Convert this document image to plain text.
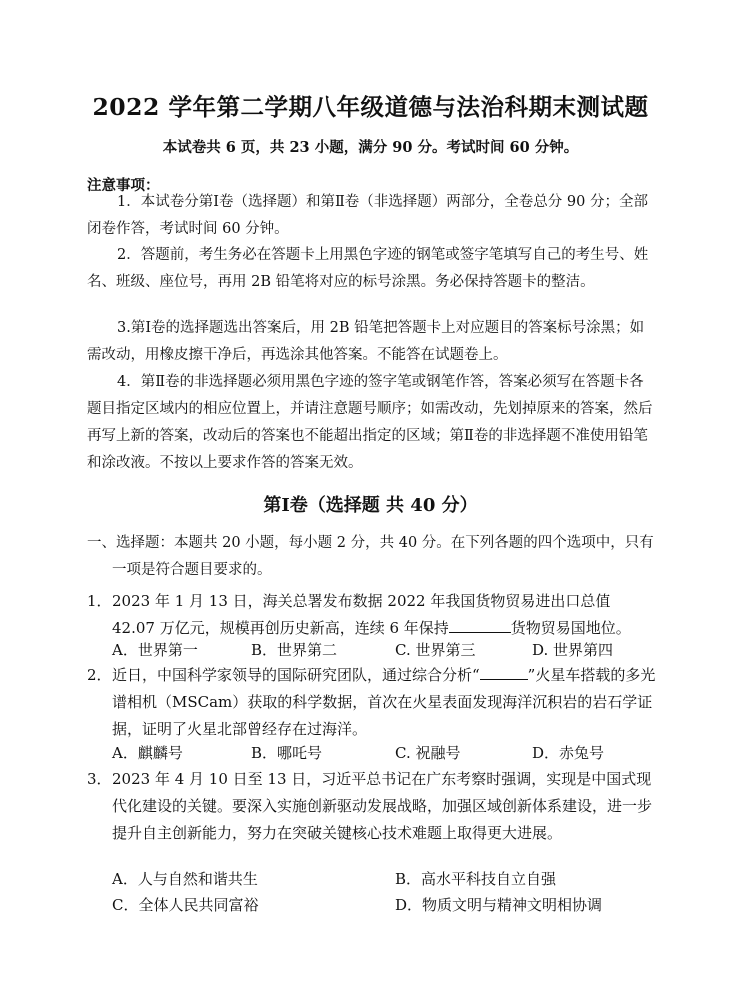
2022 学年第二学期八年级道德与法治科期末测试题
本试卷共 6 页，共 23 小题，满分 90 分。考试时间 60 分钟。
注意事项：
1．本试卷分第Ⅰ卷（选择题）和第Ⅱ卷（非选择题）两部分，全卷总分 90 分；全部闭卷作答，考试时间 60 分钟。
2．答题前，考生务必在答题卡上用黑色字迹的钢笔或签字笔填写自己的考生号、姓名、班级、座位号，再用 2B 铅笔将对应的标号涂黑。务必保持答题卡的整洁。
3.第Ⅰ卷的选择题选出答案后，用 2B 铅笔把答题卡上对应题目的答案标号涂黑；如需改动，用橡皮擦干净后，再选涂其他答案。不能答在试题卷上。
4．第Ⅱ卷的非选择题必须用黑色字迹的签字笔或钢笔作答，答案必须写在答题卡各题目指定区域内的相应位置上，并请注意题号顺序；如需改动，先划掉原来的答案，然后再写上新的答案，改动后的答案也不能超出指定的区域；第Ⅱ卷的非选择题不准使用铅笔和涂改液。不按以上要求作答的答案无效。
第Ⅰ卷（选择题 共 40 分）
一、选择题：本题共 20 小题，每小题 2 分，共 40 分。在下列各题的四个选项中，只有一项是符合题目要求的。
1． 2023 年 1 月 13 日，海关总署发布数据 2022 年我国货物贸易进出口总值 42.07 万亿元，规模再创历史新高，连续 6 年保持	货物贸易国地位。
A．世界第一	B．世界第二	C. 世界第三	D. 世界第四
2． 近日，中国科学家领导的国际研究团队，通过综合分析“	”火星车搭载的多光谱相机（MSCam）获取的科学数据，首次在火星表面发现海洋沉积岩的岩石学证据，证明了火星北部曾经存在过海洋。
A．麒麟号	B．哪吒号	C. 祝融号	D．赤兔号
3． 2023 年 4 月 10 日至 13 日，习近平总书记在广东考察时强调，实现是中国式现代化建设的关键。要深入实施创新驱动发展战略，加强区域创新体系建设，进一步提升自主创新能力，努力在突破关键核心技术难题上取得更大进展。
A．人与自然和谐共生	B．高水平科技自立自强
C．全体人民共同富裕	D．物质文明与精神文明相协调
